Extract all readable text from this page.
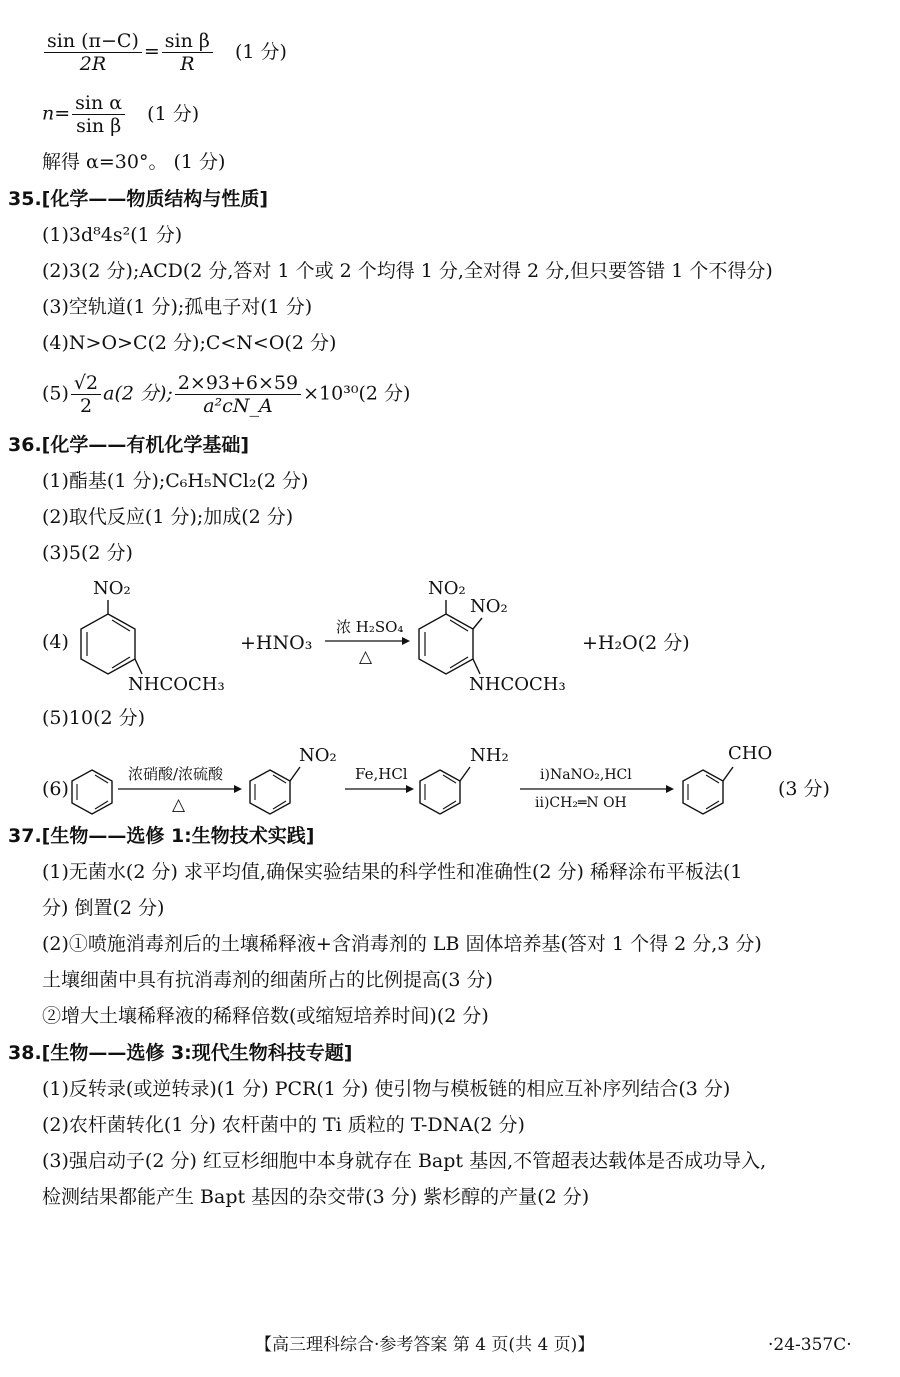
$\frac{\sin (\pi-C)}{2R} = \frac{\text{sin β}}{R} (1$ 分)
$n= \frac{\text{sin α}}{\text{sin β}} (1$ 分)
解得 α=30°。 (1 分)
35.[化学——物质结构与性质]
(1)3d⁸4s²(1 分)
(2)3(2 分);ACD(2 分,答对 1 个或 2 个均得 1 分,全对得 2 分,但只要答错 1 个不得分)
(3)空轨道(1 分);孤电子对(1 分)
(4)N>O>C(2 分);C<N<O(2 分)
$(5) \frac{√2}{2} a(2$ 分); $\frac{2\times 93+6\times 59}{\text{a²cN\_A}} \times 10^{30}(2$ 分)
36.[化学——有机化学基础]
(1)酯基(1 分);C₆H₅NCl₂(2 分)
(2)取代反应(1 分);加成(2 分)
(3)5(2 分)
(4)
NO₂
NHCOCH₃
+HNO₃
浓 H₂SO₄
△
NO₂
NO₂
NHCOCH₃
+H₂O(2 分)
(5)10(2 分)
(6)
浓硝酸/浓硫酸
△
NO₂
Fe,HCl
NH₂
ⅰ)NaNO₂,HCl
ⅱ)CH₂═N OH
CHO
(3 分)
37.[生物——选修 1:生物技术实践]
(1)无菌水(2 分) 求平均值,确保实验结果的科学性和准确性(2 分) 稀释涂布平板法(1
分) 倒置(2 分)
(2)①喷施消毒剂后的土壤稀释液+含消毒剂的 LB 固体培养基(答对 1 个得 2 分,3 分)
土壤细菌中具有抗消毒剂的细菌所占的比例提高(3 分)
②增大土壤稀释液的稀释倍数(或缩短培养时间)(2 分)
38.[生物——选修 3:现代生物科技专题]
(1)反转录(或逆转录)(1 分) PCR(1 分) 使引物与模板链的相应互补序列结合(3 分)
(2)农杆菌转化(1 分) 农杆菌中的 Ti 质粒的 T-DNA(2 分)
(3)强启动子(2 分) 红豆杉细胞中本身就存在 Bapt 基因,不管超表达载体是否成功导入,
检测结果都能产生 Bapt 基因的杂交带(3 分) 紫杉醇的产量(2 分)
【高三理科综合·参考答案 第 4 页(共 4 页)】	·24-357C·
